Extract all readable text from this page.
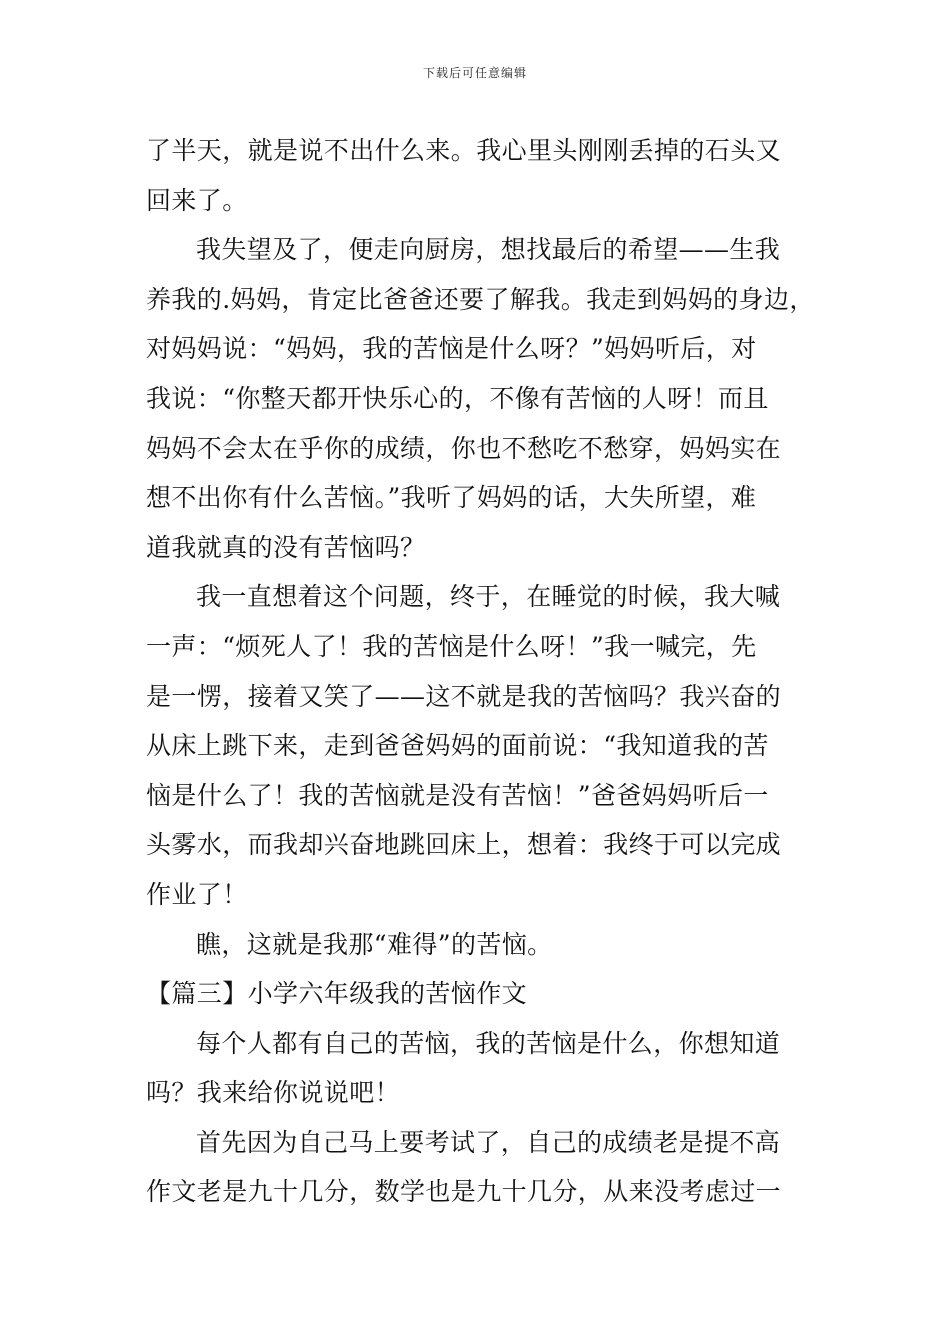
下载后可任意编辑
了半天，就是说不出什么来。我心里头刚刚丢掉的石头又
回来了。
我失望及了，便走向厨房，想找最后的希望——生我
养我的.妈妈，肯定比爸爸还要了解我。我走到妈妈的身边，
对妈妈说：“妈妈，我的苦恼是什么呀？”妈妈听后，对
我说：“你整天都开快乐心的，不像有苦恼的人呀！而且
妈妈不会太在乎你的成绩，你也不愁吃不愁穿，妈妈实在
想不出你有什么苦恼。”我听了妈妈的话，大失所望，难
道我就真的没有苦恼吗？
我一直想着这个问题，终于，在睡觉的时候，我大喊
一声：“烦死人了！我的苦恼是什么呀！”我一喊完，先
是一愣，接着又笑了——这不就是我的苦恼吗？我兴奋的
从床上跳下来，走到爸爸妈妈的面前说：“我知道我的苦
恼是什么了！我的苦恼就是没有苦恼！”爸爸妈妈听后一
头雾水，而我却兴奋地跳回床上，想着：我终于可以完成
作业了！
瞧，这就是我那“难得”的苦恼。
【篇三】小学六年级我的苦恼作文
每个人都有自己的苦恼，我的苦恼是什么，你想知道
吗？我来给你说说吧！
首先因为自己马上要考试了，自己的成绩老是提不高
作文老是九十几分，数学也是九十几分，从来没考虑过一
